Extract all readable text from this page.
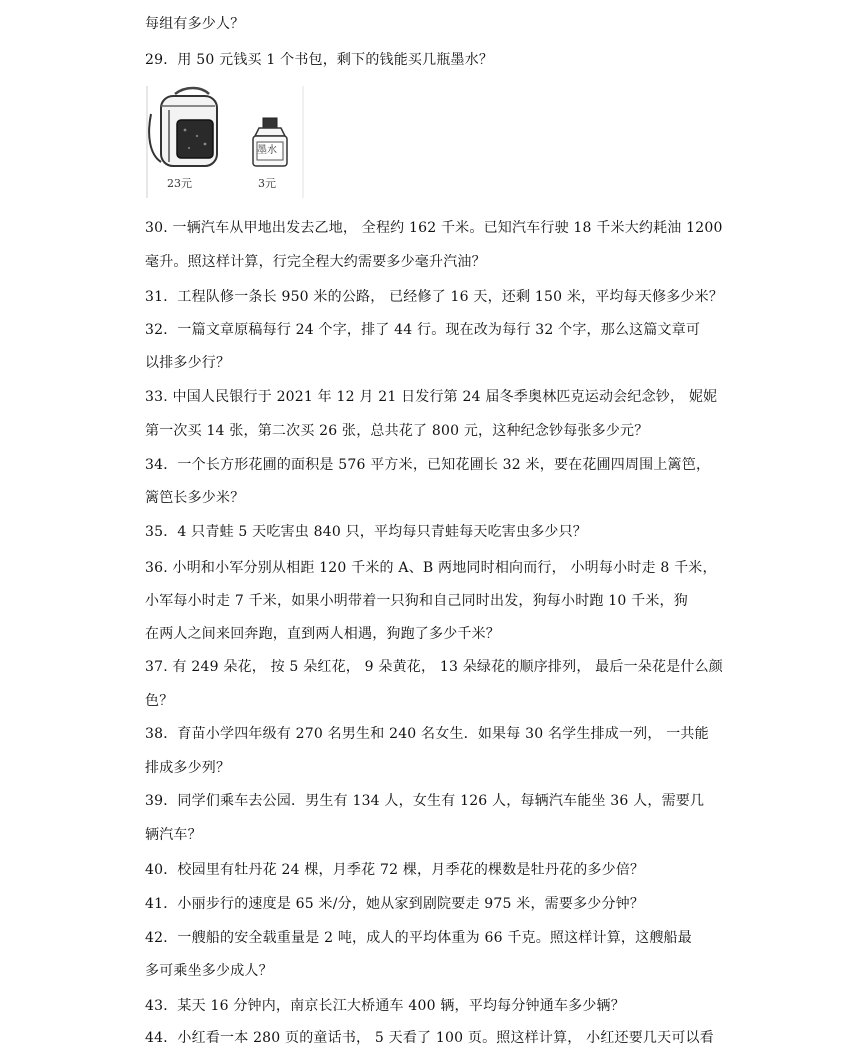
每组有多少人？
29．用 50 元钱买 1 个书包，剩下的钱能买几瓶墨水？
墨水
23元	3元
30. 一辆汽车从甲地出发去乙地， 全程约 162 千米。已知汽车行驶 18 千米大约耗油 1200
毫升。照这样计算，行完全程大约需要多少毫升汽油？
31．工程队修一条长 950 米的公路， 已经修了 16 天，还剩 150 米，平均每天修多少米？
32．一篇文章原稿每行 24 个字，排了 44 行。现在改为每行 32 个字，那么这篇文章可
以排多少行？
33. 中国人民银行于 2021 年 12 月 21 日发行第 24 届冬季奥林匹克运动会纪念钞， 妮妮
第一次买 14 张，第二次买 26 张，总共花了 800 元，这种纪念钞每张多少元？
34．一个长方形花圃的面积是 576 平方米，已知花圃长 32 米，要在花圃四周围上篱笆，
篱笆长多少米？
35．4 只青蛙 5 天吃害虫 840 只，平均每只青蛙每天吃害虫多少只？
36. 小明和小军分别从相距 120 千米的 A、B 两地同时相向而行， 小明每小时走 8 千米，
小军每小时走 7 千米，如果小明带着一只狗和自己同时出发，狗每小时跑 10 千米，狗
在两人之间来回奔跑，直到两人相遇，狗跑了多少千米？
37. 有 249 朵花， 按 5 朵红花， 9 朵黄花， 13 朵绿花的顺序排列， 最后一朵花是什么颜
色？
38．育苗小学四年级有 270 名男生和 240 名女生．如果每 30 名学生排成一列， 一共能
排成多少列？
39．同学们乘车去公园．男生有 134 人，女生有 126 人，每辆汽车能坐 36 人，需要几
辆汽车？
40．校园里有牡丹花 24 棵，月季花 72 棵，月季花的棵数是牡丹花的多少倍？
41．小丽步行的速度是 65 米/分，她从家到剧院要走 975 米，需要多少分钟？
42．一艘船的安全载重量是 2 吨，成人的平均体重为 66 千克。照这样计算，这艘船最
多可乘坐多少成人？
43．某天 16 分钟内，南京长江大桥通车 400 辆，平均每分钟通车多少辆？
44．小红看一本 280 页的童话书， 5 天看了 100 页。照这样计算， 小红还要几天可以看
